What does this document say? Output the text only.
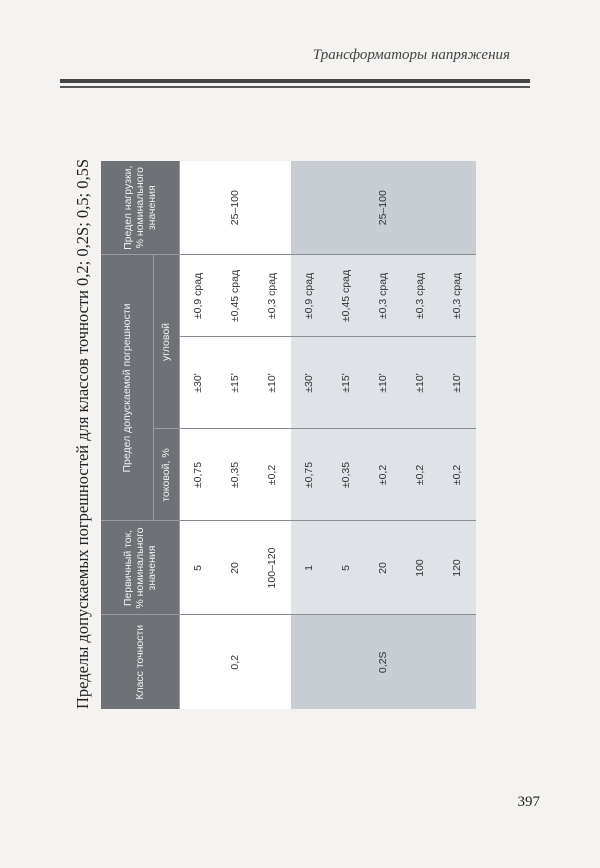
Трансформаторы напряжения
Пределы допускаемых погрешностей для классов точности 0,2; 0,2S; 0,5; 0,5S	Класс точности	Первичный ток, % номинального значения	Предел допускаемой погрешности			Предел нагрузки, % номинального значения
		токовой, %	угловой		
0,2	5	±0,75	±30'	±0,9 срад	25–100
	20	±0,35	±15'	±0,45 срад	
	100–120	±0,2	±10'	±0,3 срад	
0,2S	1	±0,75	±30'	±0,9 срад	25–100
	5	±0,35	±15'	±0,45 срад	
	20	±0,2	±10'	±0,3 срад	
	100	±0,2	±10'	±0,3 срад	
	120	±0,2	±10'	±0,3 срад	
397
